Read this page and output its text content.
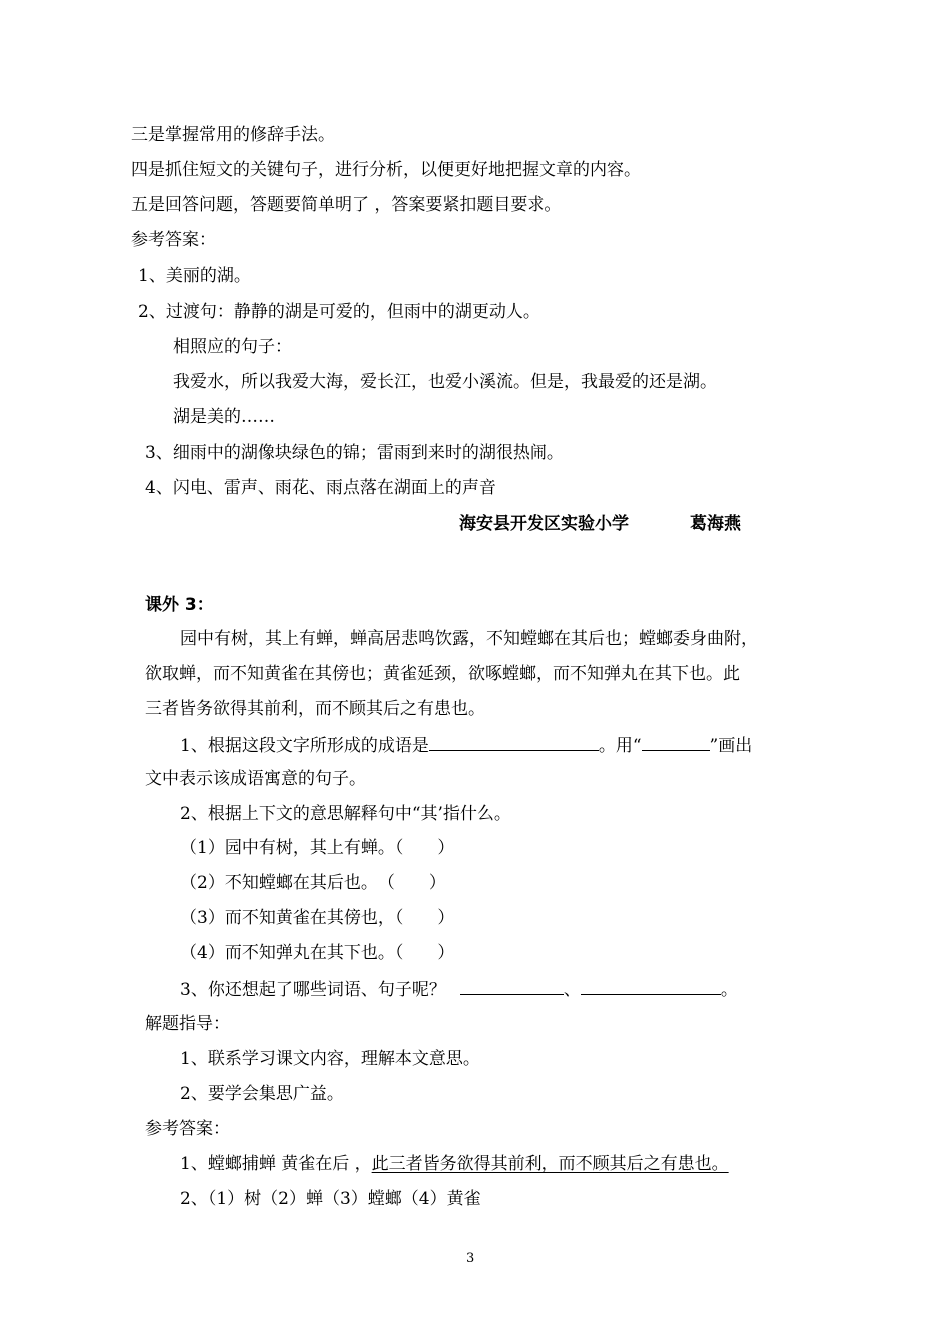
三是掌握常用的修辞手法。
四是抓住短文的关键句子，进行分析，以便更好地把握文章的内容。
五是回答问题，答题要简单明了 ，答案要紧扣题目要求。
参考答案：
1、美丽的湖。
2、过渡句：静静的湖是可爱的，但雨中的湖更动人。
相照应的句子：
我爱水，所以我爱大海，爱长江，也爱小溪流。但是，我最爱的还是湖。
湖是美的……
3、细雨中的湖像块绿色的锦；雷雨到来时的湖很热闹。
4、闪电、雷声、雨花、雨点落在湖面上的声音
海安县开发区实验小学	葛海燕
课外 3：
园中有树，其上有蝉，蝉高居悲鸣饮露，不知螳螂在其后也；螳螂委身曲附，
欲取蝉，而不知黄雀在其傍也；黄雀延颈，欲啄螳螂，而不知弹丸在其下也。此
三者皆务欲得其前利，而不顾其后之有患也。
1、根据这段文字所形成的成语是	。用“	”画出
文中表示该成语寓意的句子。
2、根据上下文的意思解释句中“其’指什么。
（1）园中有树，其上有蝉。（　　）
（2）不知螳螂在其后也。　（　　）
（3）而不知黄雀在其傍也，（　　）
（4）而不知弹丸在其下也。（　　）
3、你还想起了哪些词语、句子呢？	、	。
解题指导：
1、联系学习课文内容，理解本文意思。
2、要学会集思广益。
参考答案：
1、螳螂捕蝉 黄雀在后 ，此三者皆务欲得其前利，而不顾其后之有患也。
2、（1）树（2）蝉（3）螳螂（4）黄雀
3
